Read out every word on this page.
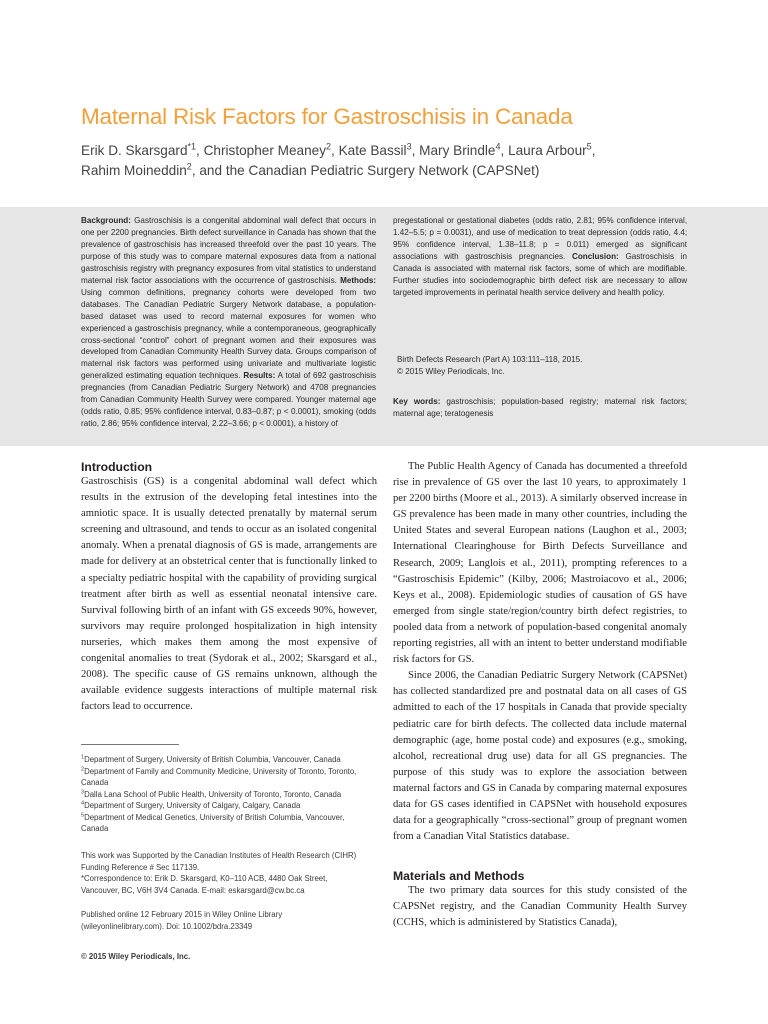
Maternal Risk Factors for Gastroschisis in Canada
Erik D. Skarsgard$^{*1}$, Christopher Meaney$^2$, Kate Bassil$^3$, Mary Brindle$^4$, Laura Arbour$^5$,
Rahim Moineddin$^2$, and the Canadian Pediatric Surgery Network (CAPSNet)

Background: Gastroschisis is a congenital abdominal wall defect that occurs in one per 2200 pregnancies. Birth defect surveillance in Canada has shown that the prevalence of gastroschisis has increased threefold over the past 10 years. The purpose of this study was to compare maternal exposures data from a national gastroschisis registry with pregnancy exposures from vital statistics to understand maternal risk factor associations with the occurrence of gastroschisis. Methods: Using common definitions, pregnancy cohorts were developed from two databases. The Canadian Pediatric Surgery Network database, a population-based dataset was used to record maternal exposures for women who experienced a gastroschisis pregnancy, while a contemporaneous, geographically cross-sectional “control” cohort of pregnant women and their exposures was developed from Canadian Community Health Survey data. Groups comparison of maternal risk factors was performed using univariate and multivariate logistic generalized estimating equation techniques. Results: A total of 692 gastroschisis pregnancies (from Canadian Pediatric Surgery Network) and 4708 pregnancies from Canadian Community Health Survey were compared. Younger maternal age (odds ratio, 0.85; 95% confidence interval, 0.83–0.87; p < 0.0001), smoking (odds ratio, 2.86; 95% confidence interval, 2.22–3.66; p < 0.0001), a history of

pregestational or gestational diabetes (odds ratio, 2.81; 95% confidence interval, 1.42–5.5; p = 0.0031), and use of medication to treat depression (odds ratio, 4.4; 95% confidence interval, 1.38–11.8; p = 0.011) emerged as significant associations with gastroschisis pregnancies. Conclusion: Gastroschisis in Canada is associated with maternal risk factors, some of which are modifiable. Further studies into sociodemographic birth defect risk are necessary to allow targeted improvements in perinatal health service delivery and health policy.

Birth Defects Research (Part A) 103:111–118, 2015.
© 2015 Wiley Periodicals, Inc.
Key words: gastroschisis; population-based registry; maternal risk factors; maternal age; teratogenesis
Introduction

Gastroschisis (GS) is a congenital abdominal wall defect which results in the extrusion of the developing fetal intestines into the amniotic space. It is usually detected prenatally by maternal serum screening and ultrasound, and tends to occur as an isolated congenital anomaly. When a prenatal diagnosis of GS is made, arrangements are made for delivery at an obstetrical center that is functionally linked to a specialty pediatric hospital with the capability of providing surgical treatment after birth as well as essential neonatal intensive care. Survival following birth of an infant with GS exceeds 90%, however, survivors may require prolonged hospitalization in high intensity nurseries, which makes them among the most expensive of congenital anomalies to treat (Sydorak et al., 2002; Skarsgard et al., 2008). The specific cause of GS remains unknown, although the available evidence suggests interactions of multiple maternal risk factors lead to occurrence.

The Public Health Agency of Canada has documented a threefold rise in prevalence of GS over the last 10 years, to approximately 1 per 2200 births (Moore et al., 2013). A similarly observed increase in GS prevalence has been made in many other countries, including the United States and several European nations (Laughon et al., 2003; International Clearinghouse for Birth Defects Surveillance and Research, 2009; Langlois et al., 2011), prompting references to a “Gastroschisis Epidemic” (Kilby, 2006; Mastroiacovo et al., 2006; Keys et al., 2008). Epidemiologic studies of causation of GS have emerged from single state/region/country birth defect registries, to pooled data from a network of population-based congenital anomaly reporting registries, all with an intent to better understand modifiable risk factors for GS.

Since 2006, the Canadian Pediatric Surgery Network (CAPSNet) has collected standardized pre and postnatal data on all cases of GS admitted to each of the 17 hospitals in Canada that provide specialty pediatric care for birth defects. The collected data include maternal demographic (age, home postal code) and exposures (e.g., smoking, alcohol, recreational drug use) data for all GS pregnancies. The purpose of this study was to explore the association between maternal factors and GS in Canada by comparing maternal exposures data for GS cases identified in CAPSNet with household exposures data for a geographically “cross-sectional” group of pregnant women from a Canadian Vital Statistics database.

Materials and Methods

The two primary data sources for this study consisted of the CAPSNet registry, and the Canadian Community Health Survey (CCHS, which is administered by Statistics Canada),

$^1$Department of Surgery, University of British Columbia, Vancouver, Canada

$^2$Department of Family and Community Medicine, University of Toronto, Toronto, Canada

$^3$Dalla Lana School of Public Health, University of Toronto, Toronto, Canada

$^4$Department of Surgery, University of Calgary, Calgary, Canada

$^5$Department of Medical Genetics, University of British Columbia, Vancouver, Canada

This work was Supported by the Canadian Institutes of Health Research (CIHR) Funding Reference # Sec 117139.

*Correspondence to: Erik D. Skarsgard, K0–110 ACB, 4480 Oak Street, Vancouver, BC, V6H 3V4 Canada. E-mail: eskarsgard@cw.bc.ca

Published online 12 February 2015 in Wiley Online Library (wileyonlinelibrary.com). Doi: 10.1002/bdra.23349

© 2015 Wiley Periodicals, Inc.
